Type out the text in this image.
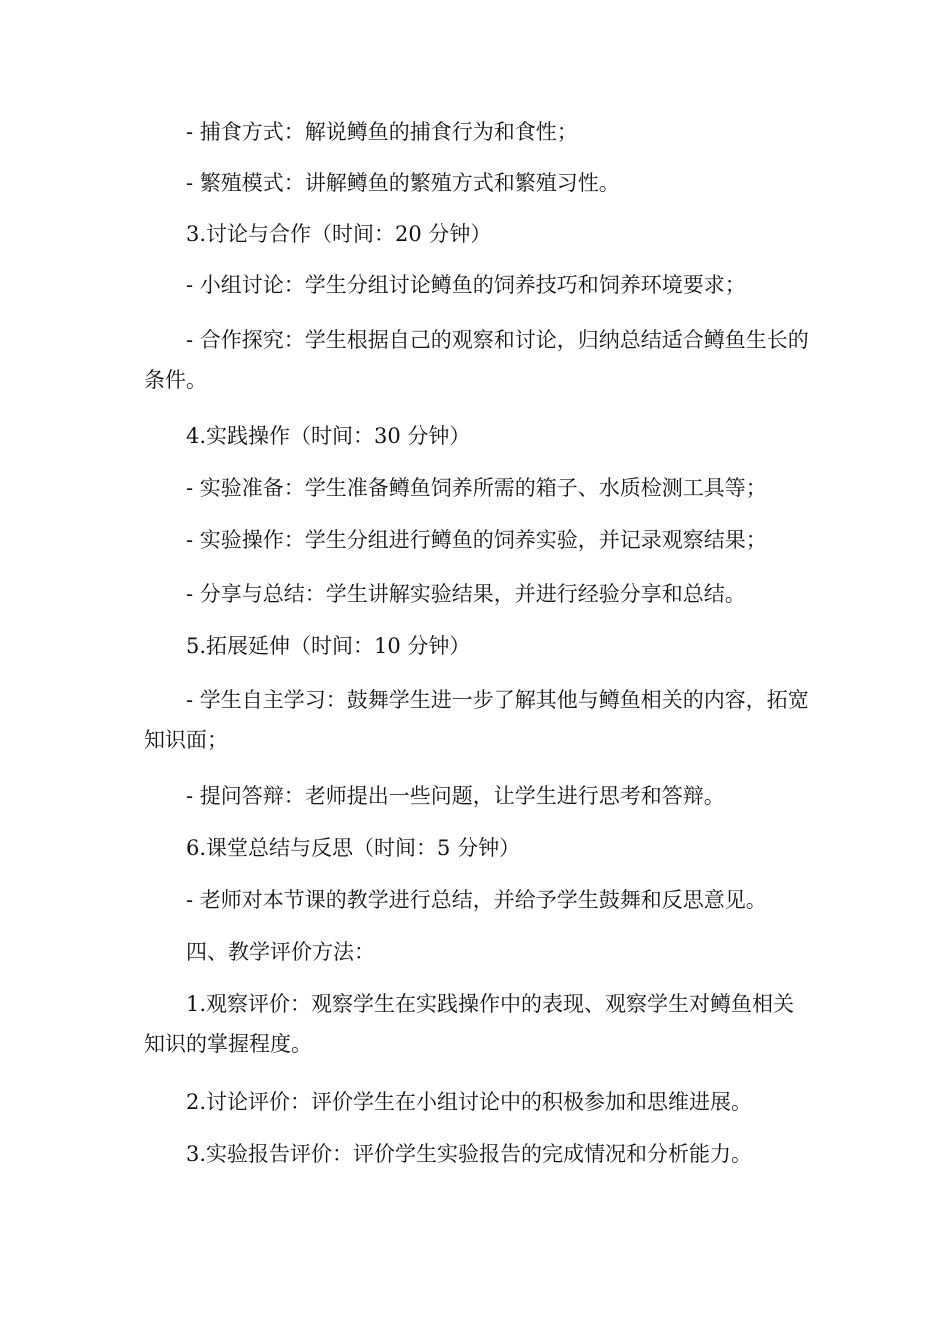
- 捕食方式：解说鳟鱼的捕食行为和食性；

- 繁殖模式：讲解鳟鱼的繁殖方式和繁殖习性。

3.讨论与合作（时间：20 分钟）

- 小组讨论：学生分组讨论鳟鱼的饲养技巧和饲养环境要求；

- 合作探究：学生根据自己的观察和讨论，归纳总结适合鳟鱼生长的条件。

4.实践操作（时间：30 分钟）

- 实验准备：学生准备鳟鱼饲养所需的箱子、水质检测工具等；

- 实验操作：学生分组进行鳟鱼的饲养实验，并记录观察结果；

- 分享与总结：学生讲解实验结果，并进行经验分享和总结。

5.拓展延伸（时间：10 分钟）

- 学生自主学习：鼓舞学生进一步了解其他与鳟鱼相关的内容，拓宽知识面；

- 提问答辩：老师提出一些问题，让学生进行思考和答辩。

6.课堂总结与反思（时间：5 分钟）

- 老师对本节课的教学进行总结，并给予学生鼓舞和反思意见。

四、教学评价方法：

1.观察评价：观察学生在实践操作中的表现、观察学生对鳟鱼相关知识的掌握程度。

2.讨论评价：评价学生在小组讨论中的积极参加和思维进展。

3.实验报告评价：评价学生实验报告的完成情况和分析能力。
